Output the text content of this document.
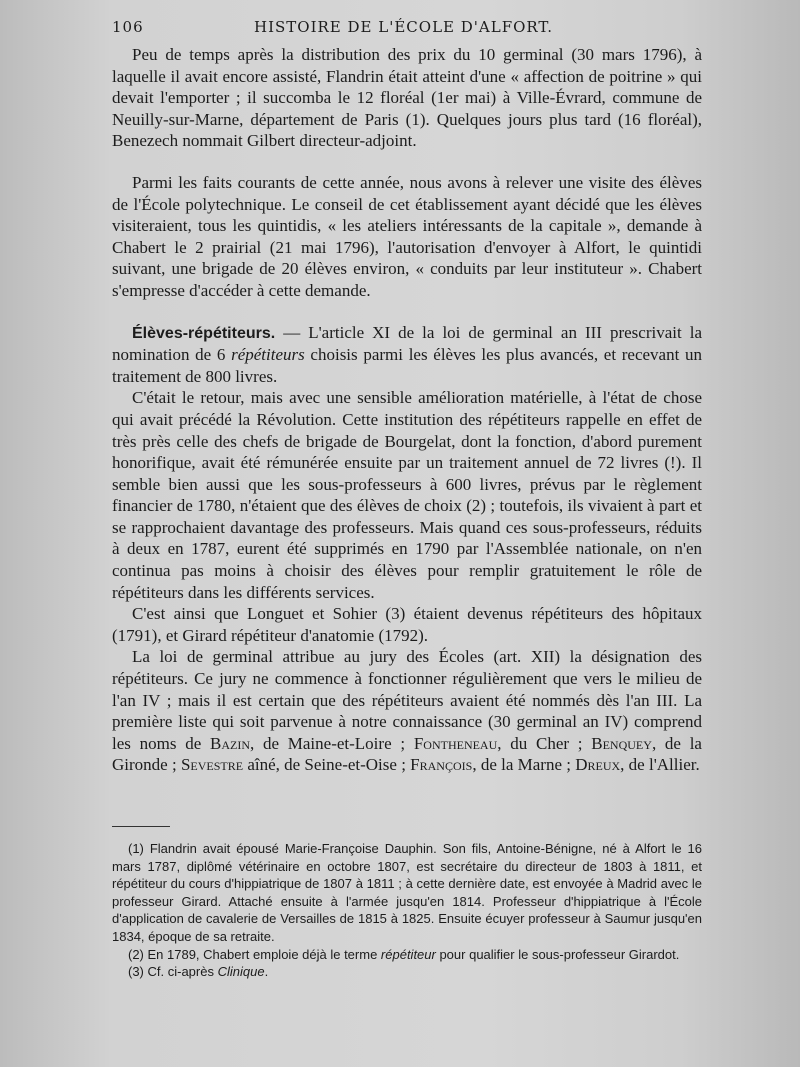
106	HISTOIRE DE L'ÉCOLE D'ALFORT.

Peu de temps après la distribution des prix du 10 germinal (30 mars 1796), à laquelle il avait encore assisté, Flandrin était atteint d'une « affection de poitrine » qui devait l'emporter ; il succomba le 12 floréal (1er mai) à Ville-Évrard, commune de Neuilly-sur-Marne, département de Paris (1). Quelques jours plus tard (16 floréal), Benezech nommait Gilbert directeur-adjoint.

Parmi les faits courants de cette année, nous avons à relever une visite des élèves de l'École polytechnique. Le conseil de cet établissement ayant décidé que les élèves visiteraient, tous les quintidis, « les ateliers intéressants de la capitale », demande à Chabert le 2 prairial (21 mai 1796), l'autorisation d'envoyer à Alfort, le quintidi suivant, une brigade de 20 élèves environ, « conduits par leur instituteur ». Chabert s'empresse d'accéder à cette demande.

Élèves-répétiteurs. — L'article XI de la loi de germinal an III prescrivait la nomination de 6 répétiteurs choisis parmi les élèves les plus avancés, et recevant un traitement de 800 livres.

C'était le retour, mais avec une sensible amélioration matérielle, à l'état de chose qui avait précédé la Révolution. Cette institution des répétiteurs rappelle en effet de très près celle des chefs de brigade de Bourgelat, dont la fonction, d'abord purement honorifique, avait été rémunérée ensuite par un traitement annuel de 72 livres (!). Il semble bien aussi que les sous-professeurs à 600 livres, prévus par le règlement financier de 1780, n'étaient que des élèves de choix (2) ; toutefois, ils vivaient à part et se rapprochaient davantage des professeurs. Mais quand ces sous-professeurs, réduits à deux en 1787, eurent été supprimés en 1790 par l'Assemblée nationale, on n'en continua pas moins à choisir des élèves pour remplir gratuitement le rôle de répétiteurs dans les différents services.

C'est ainsi que Longuet et Sohier (3) étaient devenus répétiteurs des hôpitaux (1791), et Girard répétiteur d'anatomie (1792).

La loi de germinal attribue au jury des Écoles (art. XII) la désignation des répétiteurs. Ce jury ne commence à fonctionner régulièrement que vers le milieu de l'an IV ; mais il est certain que des répétiteurs avaient été nommés dès l'an III. La première liste qui soit parvenue à notre connaissance (30 germinal an IV) comprend les noms de Bazin, de Maine-et-Loire ; Fontheneau, du Cher ; Benquey, de la Gironde ; Sevestre aîné, de Seine-et-Oise ; François, de la Marne ; Dreux, de l'Allier.

(1) Flandrin avait épousé Marie-Françoise Dauphin. Son fils, Antoine-Bénigne, né à Alfort le 16 mars 1787, diplômé vétérinaire en octobre 1807, est secrétaire du directeur de 1803 à 1811, et répétiteur du cours d'hippiatrique de 1807 à 1811 ; à cette dernière date, est envoyée à Madrid avec le professeur Girard. Attaché ensuite à l'armée jusqu'en 1814. Professeur d'hippiatrique à l'École d'application de cavalerie de Versailles de 1815 à 1825. Ensuite écuyer professeur à Saumur jusqu'en 1834, époque de sa retraite.

(2) En 1789, Chabert emploie déjà le terme répétiteur pour qualifier le sous-professeur Girardot.

(3) Cf. ci-après Clinique.
